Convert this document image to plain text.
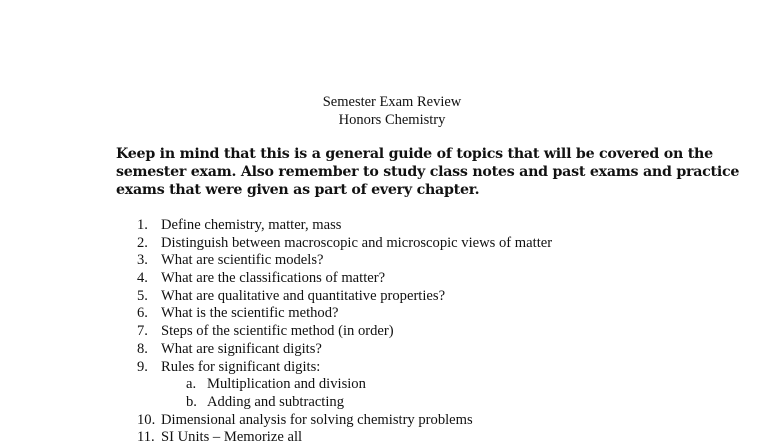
Semester Exam Review
Honors Chemistry
Keep in mind that this is a general guide of topics that will be covered on the
semester exam. Also remember to study class notes and past exams and practice
exams that were given as part of every chapter.
1. Define chemistry, matter, mass
2. Distinguish between macroscopic and microscopic views of matter
3. What are scientific models?
4. What are the classifications of matter?
5. What are qualitative and quantitative properties?
6. What is the scientific method?
7. Steps of the scientific method (in order)
8. What are significant digits?
9. Rules for significant digits:
a. Multiplication and division
b. Adding and subtracting
10. Dimensional analysis for solving chemistry problems
11. SI Units – Memorize all
